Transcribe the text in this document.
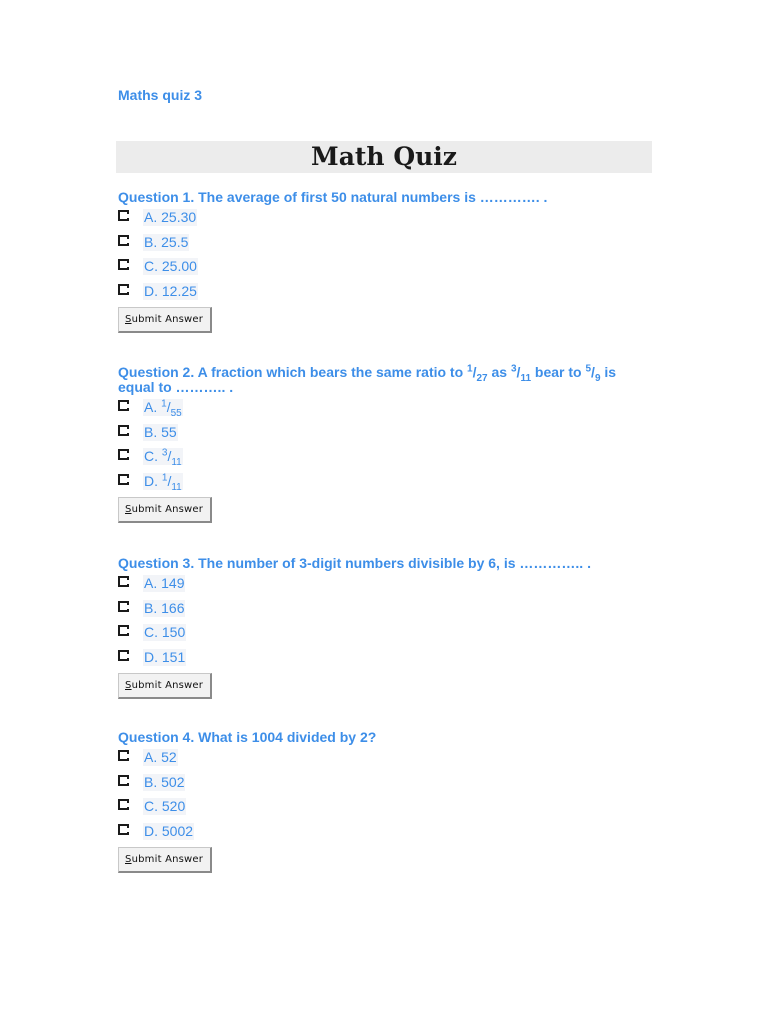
Maths quiz 3
Math Quiz

Question 1. The average of first 50 natural numbers is …………. .

A. 25.30
B. 25.5
C. 25.00
D. 12.25
Submit Answer

Question 2. A fraction which bears the same ratio to $^1/_{27}$ as $^3/_{11}$ bear to $^5/_9$ is equal to ……….. .

A. $^1/_{55}$
B. 55
C. $^3/_{11}$
D. $^1/_{11}$
Submit Answer

Question 3. The number of 3-digit numbers divisible by 6, is ………….. .

A. 149
B. 166
C. 150
D. 151
Submit Answer

Question 4. What is 1004 divided by 2?

A. 52
B. 502
C. 520
D. 5002
Submit Answer
